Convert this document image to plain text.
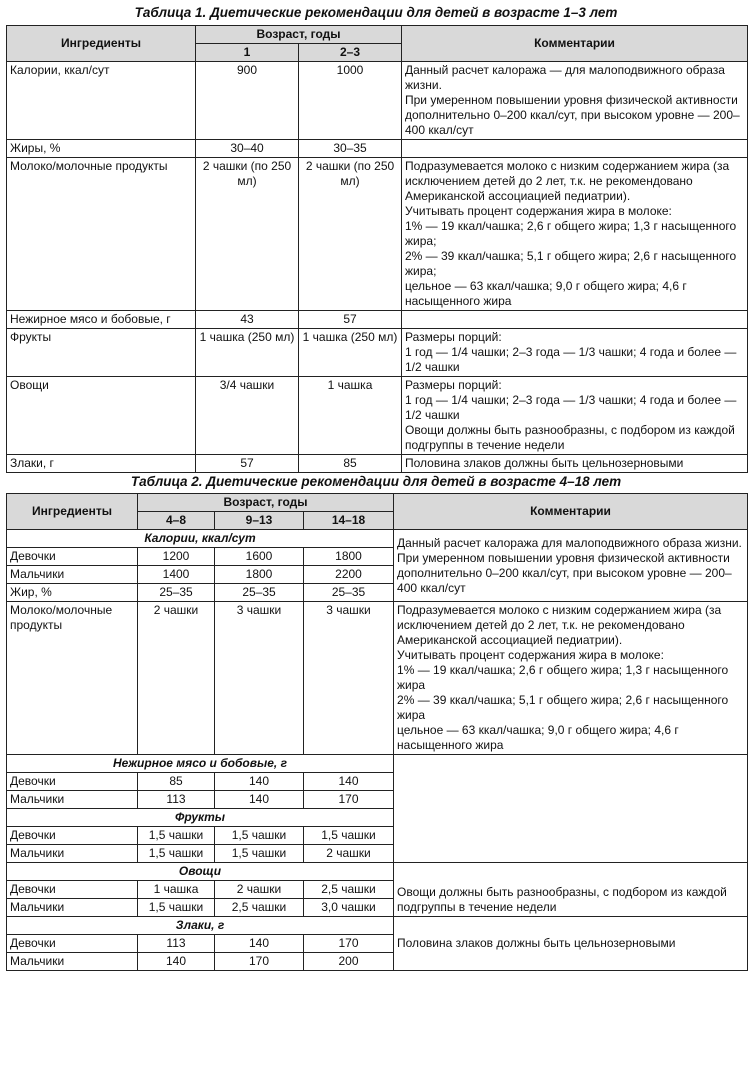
Таблица 1. Диетические рекомендации для детей в возрасте 1–3 лет
Ингредиенты	Возраст, годы		Комментарии
	1	2–3	
Калории, ккал/сут	900	1000	Данный расчет калоража — для малоподвижного образа жизни.

При умеренном повышении уровня физической активности дополнительно 0–200 ккал/сут, при высоком уровне — 200–400 ккал/сут

Жиры, %	30–40	30–35	
Молоко/молочные продукты	2 чашки (по 250 мл)	2 чашки (по 250 мл)	Подразумевается молоко с низким содержанием жира (за исключением детей до 2 лет, т.к. не рекомендовано Американской ассоциацией педиатрии).

Учитывать процент содержания жира в молоке:

1% — 19 ккал/чашка; 2,6 г общего жира; 1,3 г насыщенного жира;

2% — 39 ккал/чашка; 5,1 г общего жира; 2,6 г насыщенного жира;

цельное — 63 ккал/чашка; 9,0 г общего жира; 4,6 г насыщенного жира

Нежирное мясо и бобовые, г	43	57	
Фрукты	1 чашка (250 мл)	1 чашка (250 мл)	Размеры порций:

1 год — 1/4 чашки; 2–3 года — 1/3 чашки; 4 года и более — 1/2 чашки

Овощи	3/4 чашки	1 чашка	Размеры порций:

1 год — 1/4 чашки; 2–3 года — 1/3 чашки; 4 года и более — 1/2 чашки

Овощи должны быть разнообразны, с подбором из каждой подгруппы в течение недели

Злаки, г	57	85	Половина злаков должны быть цельнозерновыми

Таблица 2. Диетические рекомендации для детей в возрасте 4–18 лет
Ингредиенты	Возраст, годы			Комментарии
	4–8	9–13	14–18	
Калории, ккал/сут				Данный расчет калоража для малоподвижного образа жизни. При умеренном повышении уровня физической активности дополнительно 0–200 ккал/сут, при высоком уровне — 200–400 ккал/сут
Девочки	1200	1600	1800	
Мальчики	1400	1800	2200	
Жир, %	25–35	25–35	25–35	
Молоко/молочные продукты	2 чашки	3 чашки	3 чашки	Подразумевается молоко с низким содержанием жира (за исключением детей до 2 лет, т.к. не рекомендовано Американской ассоциацией педиатрии).

Учитывать процент содержания жира в молоке:

1% — 19 ккал/чашка; 2,6 г общего жира; 1,3 г насыщенного жира

2% — 39 ккал/чашка; 5,1 г общего жира; 2,6 г насыщенного жира

цельное — 63 ккал/чашка; 9,0 г общего жира; 4,6 г насыщенного жира

Нежирное мясо и бобовые, г				
Девочки	85	140	140	
Мальчики	113	140	170	
Фрукты				
Девочки	1,5 чашки	1,5 чашки	1,5 чашки	
Мальчики	1,5 чашки	1,5 чашки	2 чашки	
Овощи				Овощи должны быть разнообразны, с подбором из каждой подгруппы в течение недели
Девочки	1 чашка	2 чашки	2,5 чашки	
Мальчики	1,5 чашки	2,5 чашки	3,0 чашки	
Злаки, г				Половина злаков должны быть цельнозерновыми
Девочки	113	140	170	
Мальчики	140	170	200	
